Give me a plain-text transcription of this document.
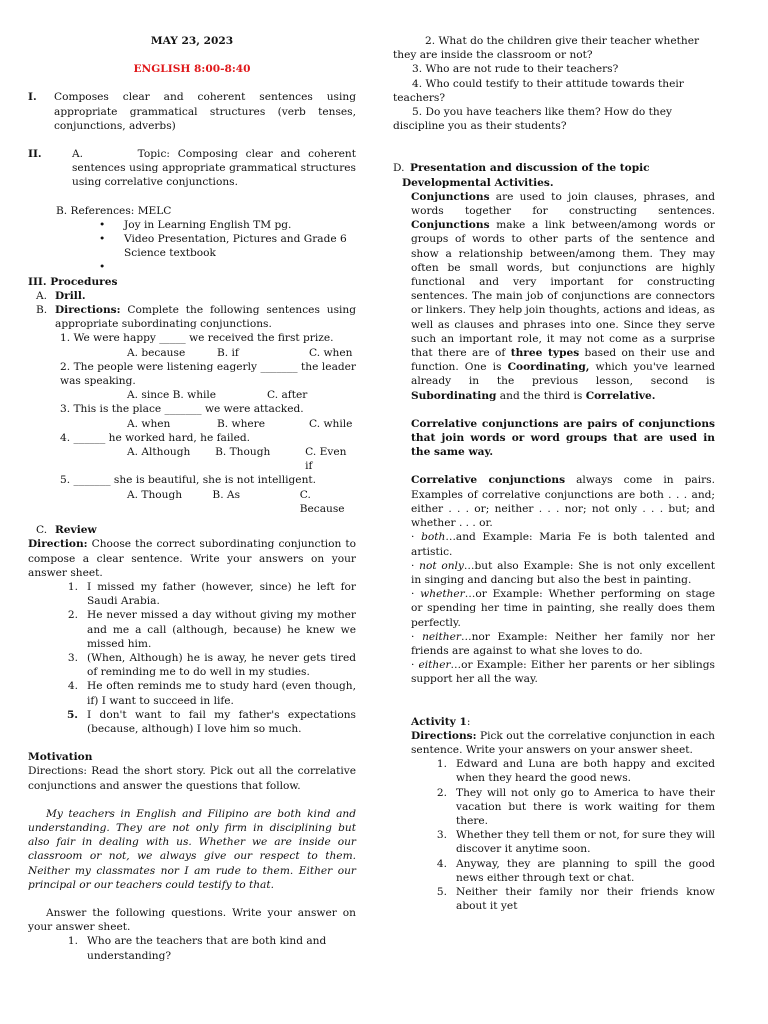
MAY 23, 2023

ENGLISH 8:00-8:40

I.	Composes clear and coherent sentences using appropriate grammatical structures (verb tenses, conjunctions, adverbs)
II.	A.	Topic: Composing clear and coherent sentences using appropriate grammatical structures using correlative conjunctions.

B. References: MELC

• Joy in Learning English TM pg.
• Video Presentation, Pictures and Grade 6 Science textbook
•

III. Procedures

A. Drill.
B. Directions: Complete the following sentences using appropriate subordinating conjunctions.

1. We were happy _____ we received the first prize.

A. because	B. if	C. when

2. The people were listening eagerly _______ the leader was speaking.

A. since B. while	C. after

3. This is the place _______ we were attacked.

A. when	B. where	C. while

4. ______ he worked hard, he failed.

A. Although	B. Though	C. Even if

5. _______ she is beautiful, she is not intelligent.

A. Though	B. As	C. Because
C. Review

Direction: Choose the correct subordinating conjunction to compose a clear sentence. Write your answers on your answer sheet.

1. I missed my father (however, since) he left for Saudi Arabia.
2. He never missed a day without giving my mother and me a call (although, because) he knew we missed him.
3. (When, Although) he is away, he never gets tired of reminding me to do well in my studies.
4. He often reminds me to study hard (even though, if) I want to succeed in life.
5. I don't want to fail my father's expectations (because, although) I love him so much.

Motivation

Directions: Read the short story. Pick out all the correlative conjunctions and answer the questions that follow.

My teachers in English and Filipino are both kind and understanding. They are not only firm in disciplining but also fair in dealing with us. Whether we are inside our classroom or not, we always give our respect to them. Neither my classmates nor I am rude to them. Either our principal or our teachers could testify to that.

Answer the following questions. Write your answer on your answer sheet.

1. Who are the teachers that are both kind and understanding?

2. What do the children give their teacher whether they are inside the classroom or not?

3. Who are not rude to their teachers?

4. Who could testify to their attitude towards their teachers?

5. Do you have teachers like them? How do they discipline you as their students?

D. Presentation and discussion of the topic

Developmental Activities.

Conjunctions are used to join clauses, phrases, and words together for constructing sentences. Conjunctions make a link between/among words or groups of words to other parts of the sentence and show a relationship between/among them. They may often be small words, but conjunctions are highly functional and very important for constructing sentences. The main job of conjunctions are connectors or linkers. They help join thoughts, actions and ideas, as well as clauses and phrases into one. Since they serve such an important role, it may not come as a surprise that there are of three types based on their use and function. One is Coordinating, which you've learned already in the previous lesson, second is Subordinating and the third is Correlative.

Correlative conjunctions are pairs of conjunctions that join words or word groups that are used in the same way.

Correlative conjunctions always come in pairs. Examples of correlative conjunctions are both . . . and; either . . . or; neither . . . nor; not only . . . but; and whether . . . or.

· both…and Example: Maria Fe is both talented and artistic.

· not only…but also Example: She is not only excellent in singing and dancing but also the best in painting.

· whether…or Example: Whether performing on stage or spending her time in painting, she really does them perfectly.

· neither…nor Example: Neither her family nor her friends are against to what she loves to do.

· either…or Example: Either her parents or her siblings support her all the way.

Activity 1:

Directions: Pick out the correlative conjunction in each sentence. Write your answers on your answer sheet.

1. Edward and Luna are both happy and excited when they heard the good news.
2. They will not only go to America to have their vacation but there is work waiting for them there.
3. Whether they tell them or not, for sure they will discover it anytime soon.
4. Anyway, they are planning to spill the good news either through text or chat.
5. Neither their family nor their friends know about it yet
